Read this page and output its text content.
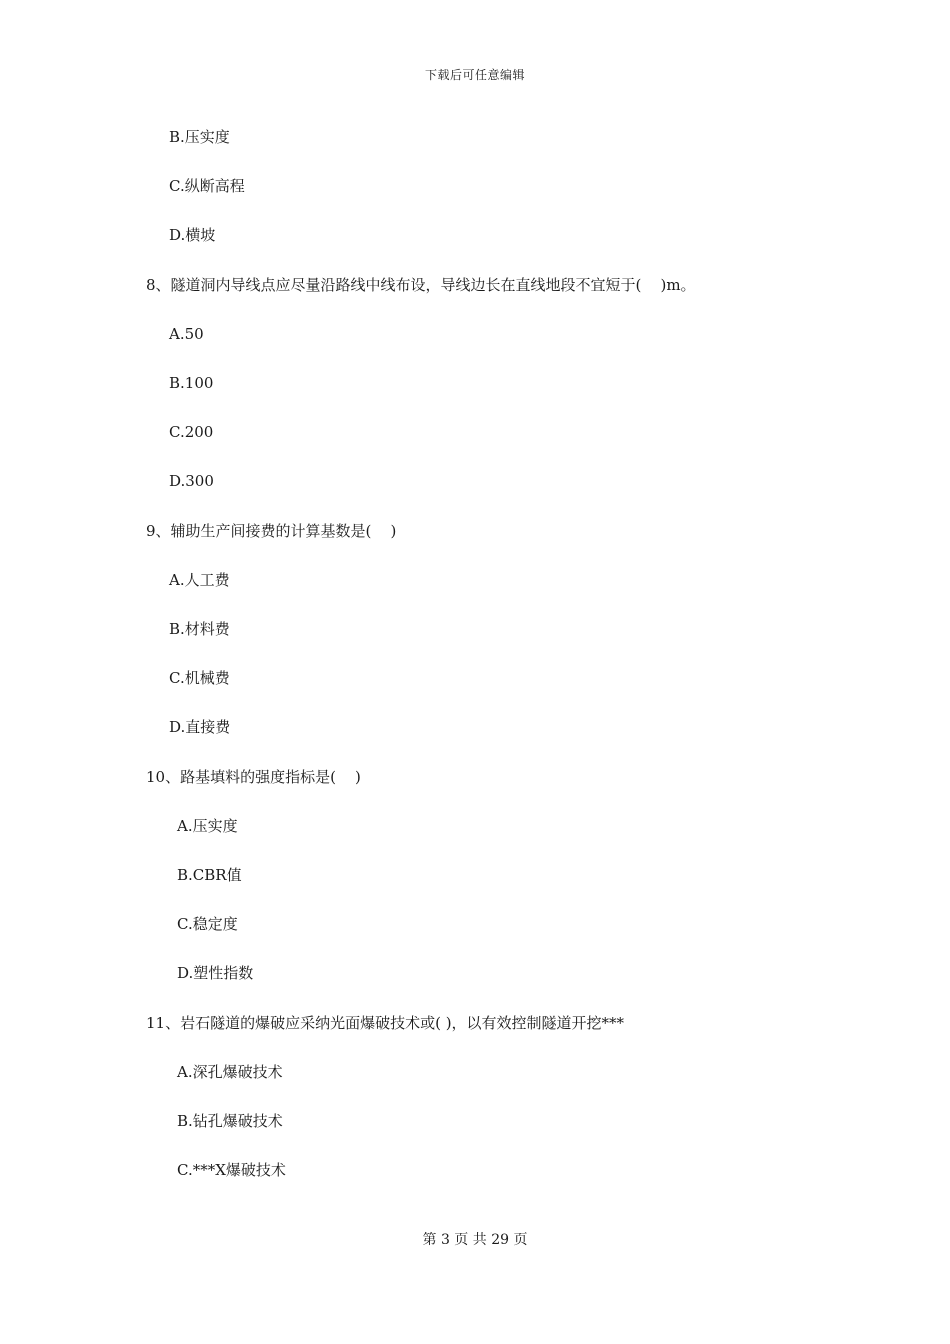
下载后可任意编辑
B.压实度
C.纵断高程
D.横坡
8、隧道洞内导线点应尽量沿路线中线布设，导线边长在直线地段不宜短于(    )m。
A.50
B.100
C.200
D.300
9、辅助生产间接费的计算基数是(    )
A.人工费
B.材料费
C.机械费
D.直接费
10、路基填料的强度指标是(    )
A.压实度
B.CBR值
C.稳定度
D.塑性指数
11、岩石隧道的爆破应采纳光面爆破技术或( )，以有效控制隧道开挖***
A.深孔爆破技术
B.钻孔爆破技术
C.***X爆破技术
第 3 页 共 29 页
